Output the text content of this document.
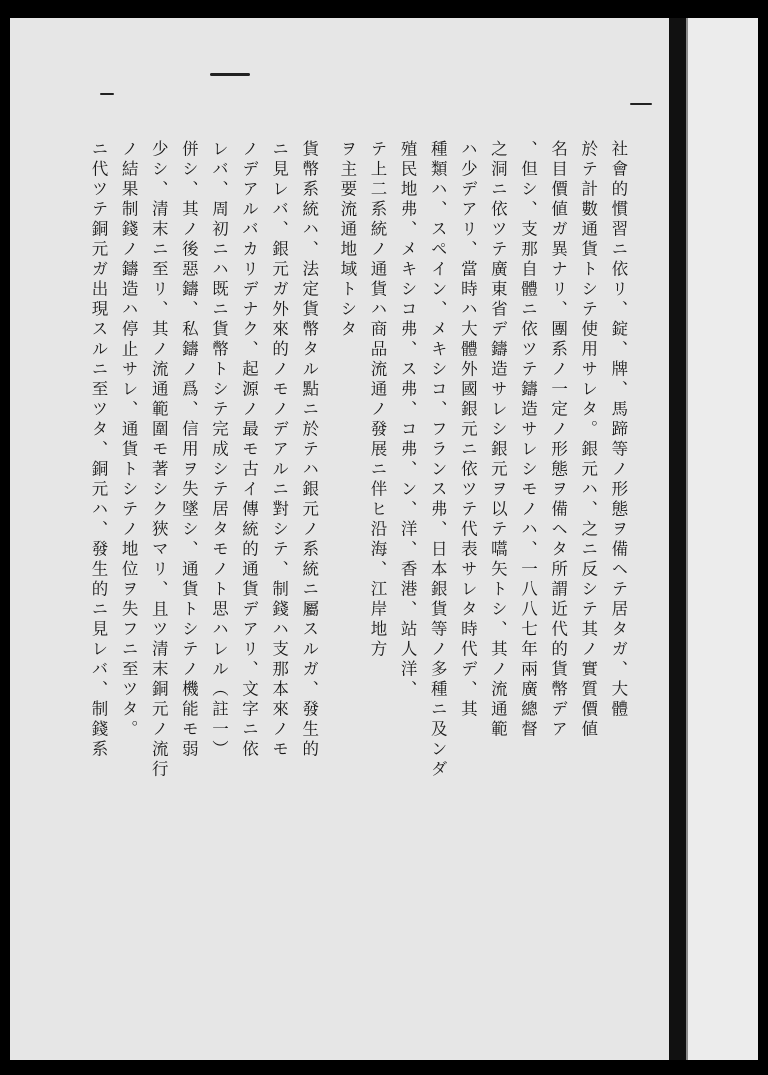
社會的慣習ニ依リ、錠、牌、馬蹄等ノ形態ヲ備ヘテ居タガ、大體
於テ計數通貨トシテ使用サレタ。銀元ハ、之ニ反シテ其ノ實質價値
名目價値ガ異ナリ、團系ノ一定ノ形態ヲ備ヘタ所謂近代的貨幣デア
、但シ、支那自體ニ依ツテ鑄造サレシモノハ、一八八七年兩廣總督
之洞ニ依ツテ廣東省デ鑄造サレシ銀元ヲ以テ嚆矢トシ、其ノ流通範
ハ少デアリ、當時ハ大體外國銀元ニ依ツテ代表サレタ時代デ、其
種類ハ、スペイン、メキシコ、フランス弗、日本銀貨等ノ多種ニ及ンダ
殖民地弗、メキシコ弗、ス弗、コ弗、ン、洋、香港、站人洋、
テ上二系統ノ通貨ハ商品流通ノ發展ニ伴ヒ沿海、江岸地方
ヲ主要流通地域トシタ
貨幣系統ハ、法定貨幣タル點ニ於テハ銀元ノ系統ニ屬スルガ、發生的
ニ見レバ、銀元ガ外來的ノモノデアルニ對シテ、制錢ハ支那本來ノモ
ノデアルバカリデナク、起源ノ最モ古イ傳統的通貨デアリ、文字ニ依
レバ、周初ニハ既ニ貨幣トシテ完成シテ居タモノト思ハレル（註一）
併シ、其ノ後惡鑄、私鑄ノ爲、信用ヲ失墜シ、通貨トシテノ機能モ弱
少シ、清末ニ至リ、其ノ流通範圍モ著シク狹マリ、且ツ清末銅元ノ流行
ノ結果制錢ノ鑄造ハ停止サレ、通貨トシテノ地位ヲ失フニ至ツタ。
ニ代ツテ銅元ガ出現スルニ至ツタ、銅元ハ、發生的ニ見レバ、制錢系
